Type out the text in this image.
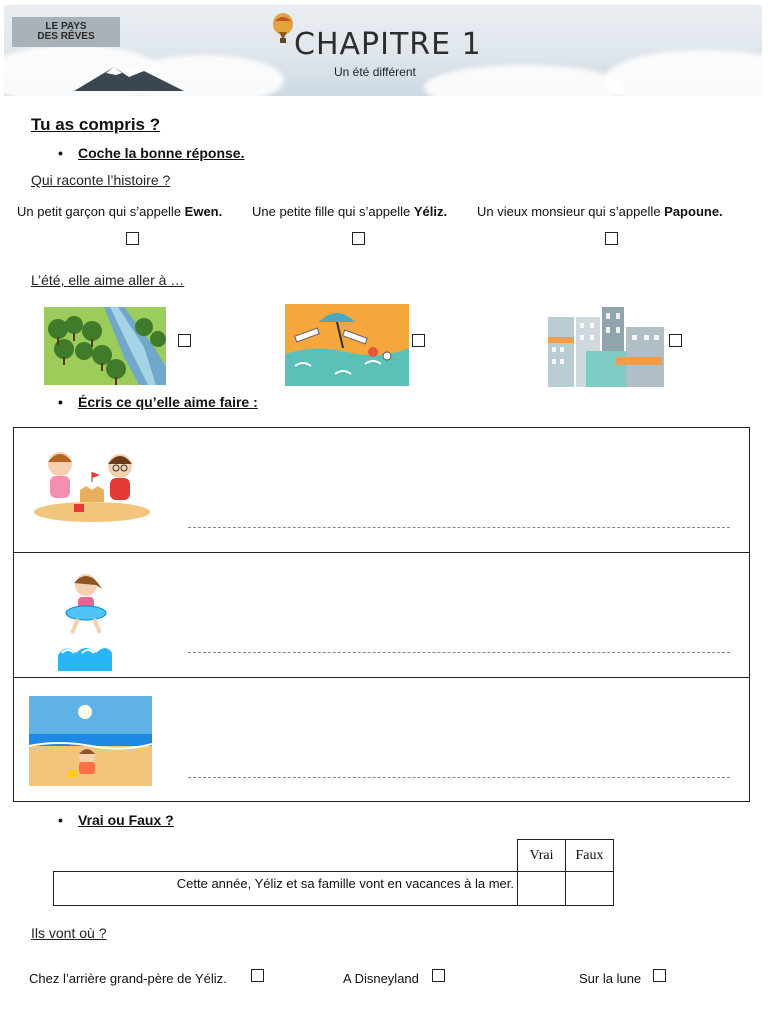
LE PAYS
DES RÊVES	CHAPITRE 1
Un été différent
Tu as compris ?
• Coche la bonne réponse.
Qui raconte l’histoire ?
Un petit garçon qui s’appelle Ewen. Une petite fille qui s’appelle Yéliz. Un vieux monsieur qui s’appelle Papoune.
L’été, elle aime aller à …
• Écris ce qu’elle aime faire :
• Vrai ou Faux ?
	Vrai	Faux
Cette année, Yéliz et sa famille vont en vacances à la mer.		
Ils vont où ?
Chez l’arrière grand-père de Yéliz.	A Disneyland	Sur la lune
